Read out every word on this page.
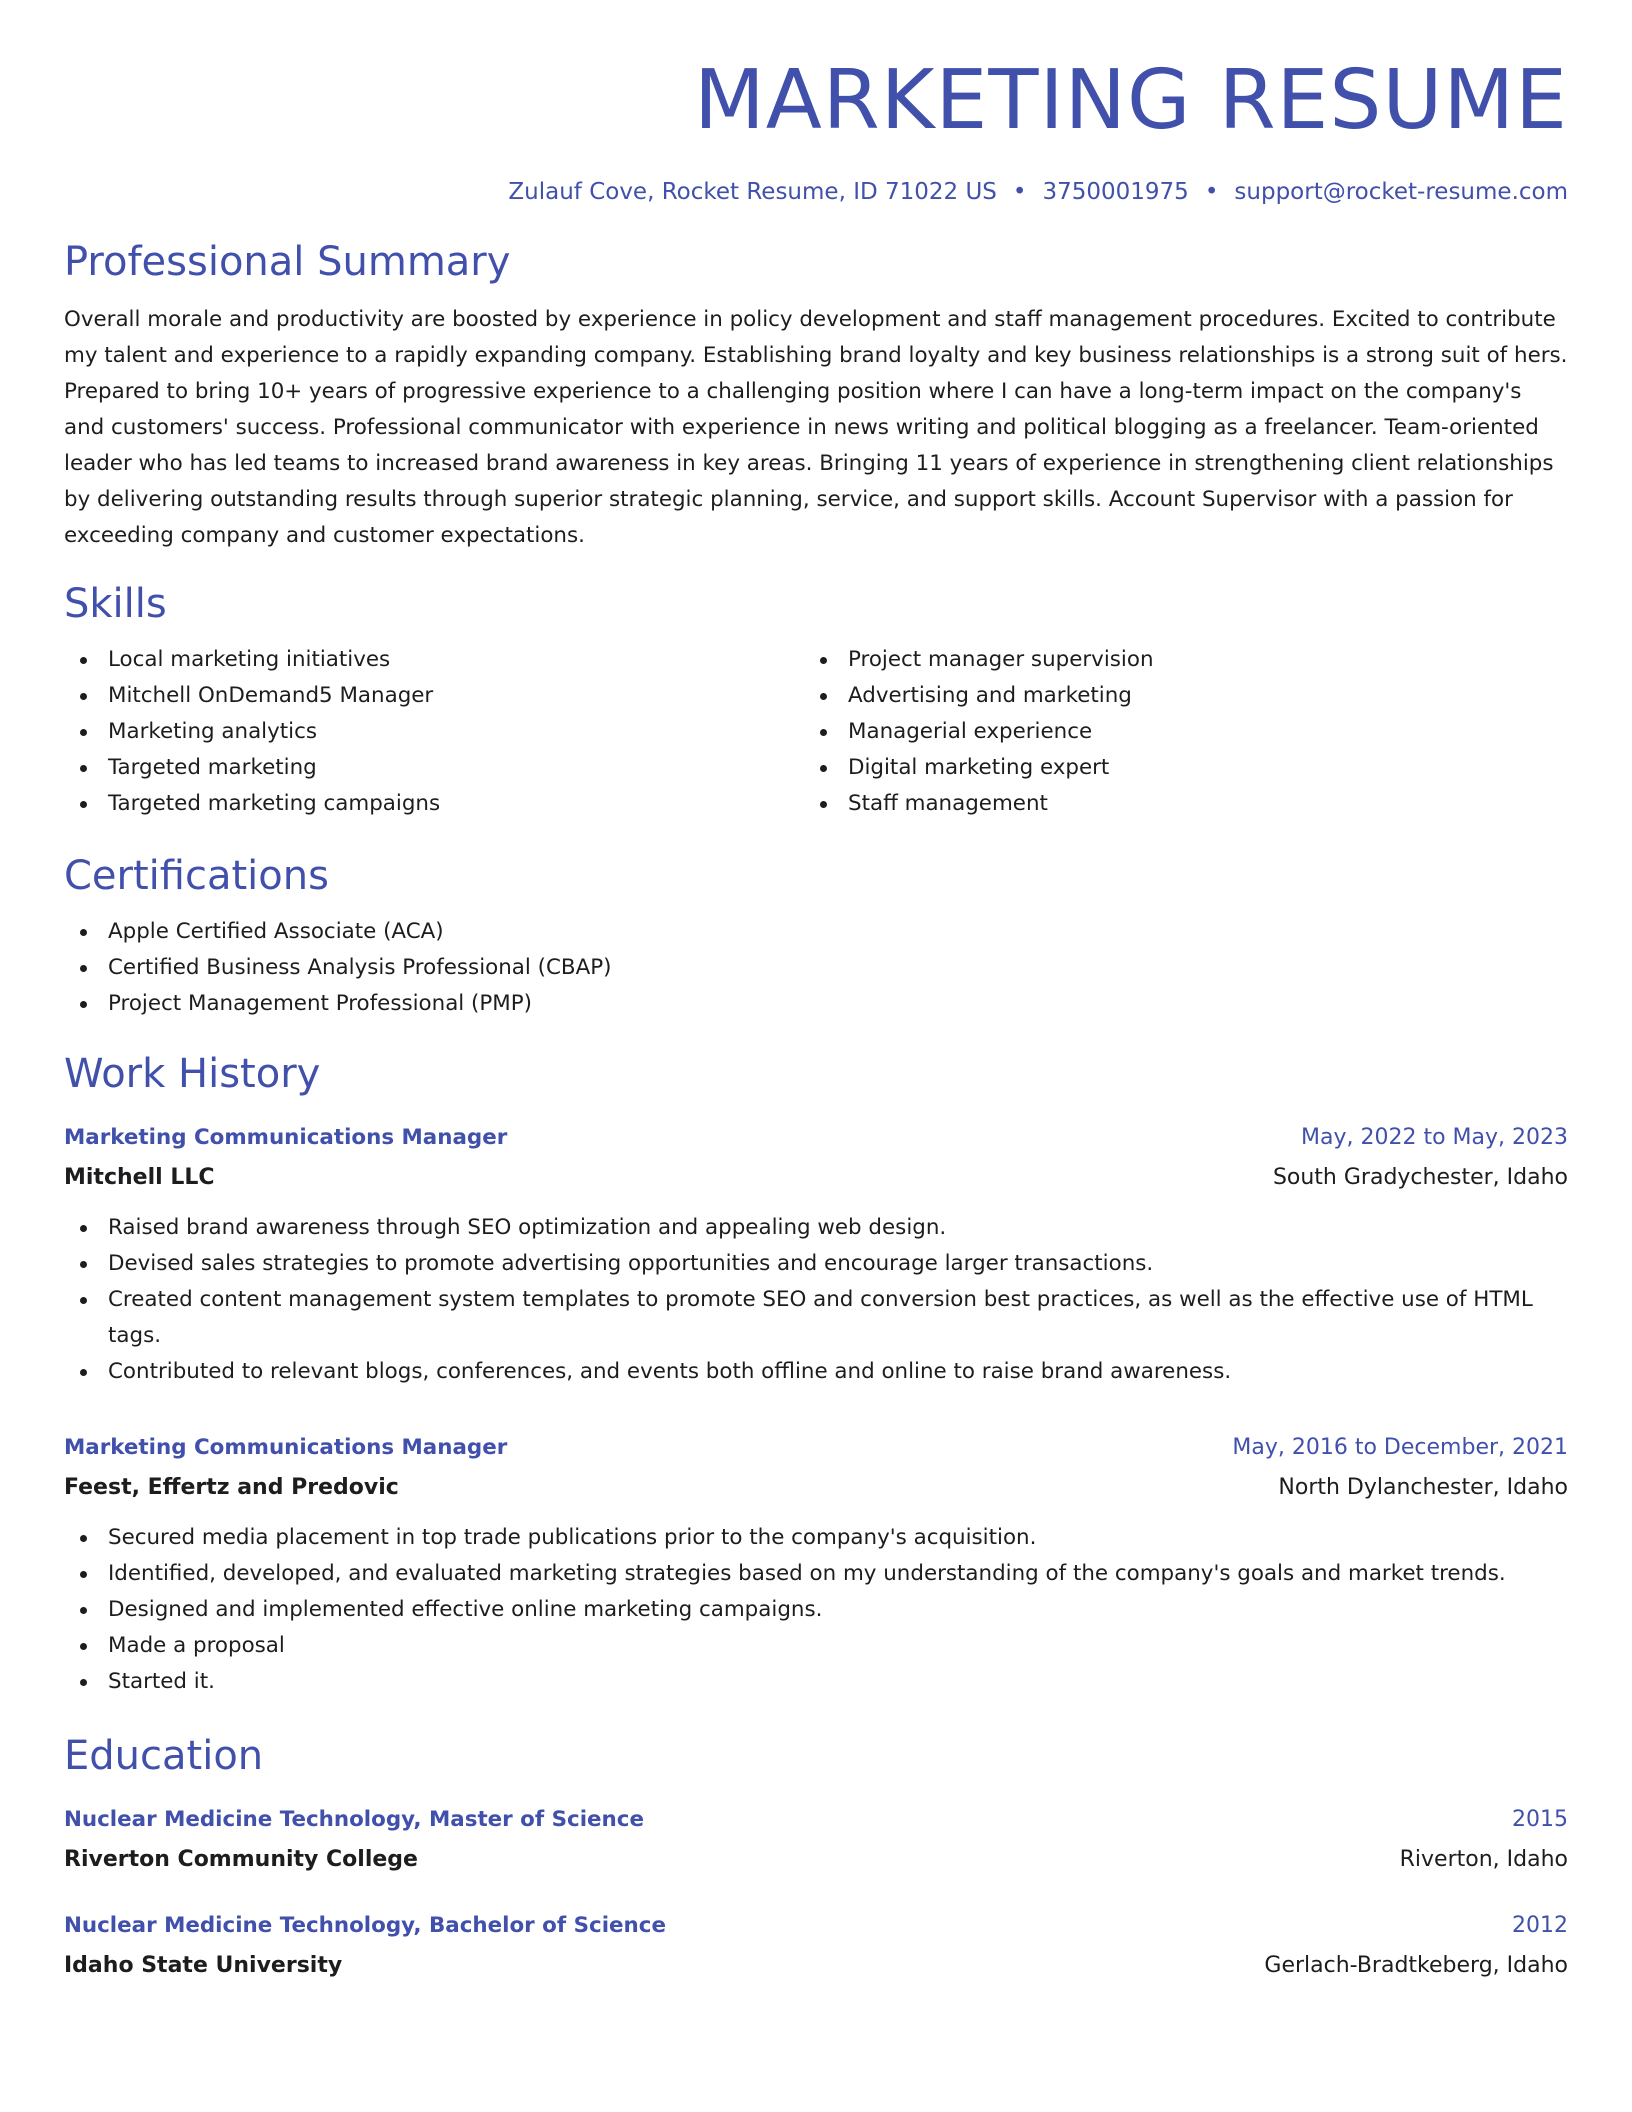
MARKETING RESUME
Zulauf Cove, Rocket Resume, ID 71022 US • 3750001975 • support@rocket-resume.com
Professional Summary

Overall morale and productivity are boosted by experience in policy development and staff management procedures. Excited to contribute my talent and experience to a rapidly expanding company. Establishing brand loyalty and key business relationships is a strong suit of hers. Prepared to bring 10+ years of progressive experience to a challenging position where I can have a long-term impact on the company's and customers' success. Professional communicator with experience in news writing and political blogging as a freelancer. Team-oriented leader who has led teams to increased brand awareness in key areas. Bringing 11 years of experience in strengthening client relationships by delivering outstanding results through superior strategic planning, service, and support skills. Account Supervisor with a passion for exceeding company and customer expectations.

Skills
Local marketing initiatives
Mitchell OnDemand5 Manager
Marketing analytics
Targeted marketing
Targeted marketing campaigns
Project manager supervision
Advertising and marketing
Managerial experience
Digital marketing expert
Staff management
Certifications
Apple Certified Associate (ACA)
Certified Business Analysis Professional (CBAP)
Project Management Professional (PMP)
Work History
Marketing Communications Manager	May, 2022 to May, 2023
Mitchell LLC	South Gradychester, Idaho
Raised brand awareness through SEO optimization and appealing web design.
Devised sales strategies to promote advertising opportunities and encourage larger transactions.
Created content management system templates to promote SEO and conversion best practices, as well as the effective use of HTML tags.
Contributed to relevant blogs, conferences, and events both offline and online to raise brand awareness.
Marketing Communications Manager	May, 2016 to December, 2021
Feest, Effertz and Predovic	North Dylanchester, Idaho
Secured media placement in top trade publications prior to the company's acquisition.
Identified, developed, and evaluated marketing strategies based on my understanding of the company's goals and market trends.
Designed and implemented effective online marketing campaigns.
Made a proposal
Started it.
Education
Nuclear Medicine Technology, Master of Science	2015
Riverton Community College	Riverton, Idaho
Nuclear Medicine Technology, Bachelor of Science	2012
Idaho State University	Gerlach-Bradtkeberg, Idaho
